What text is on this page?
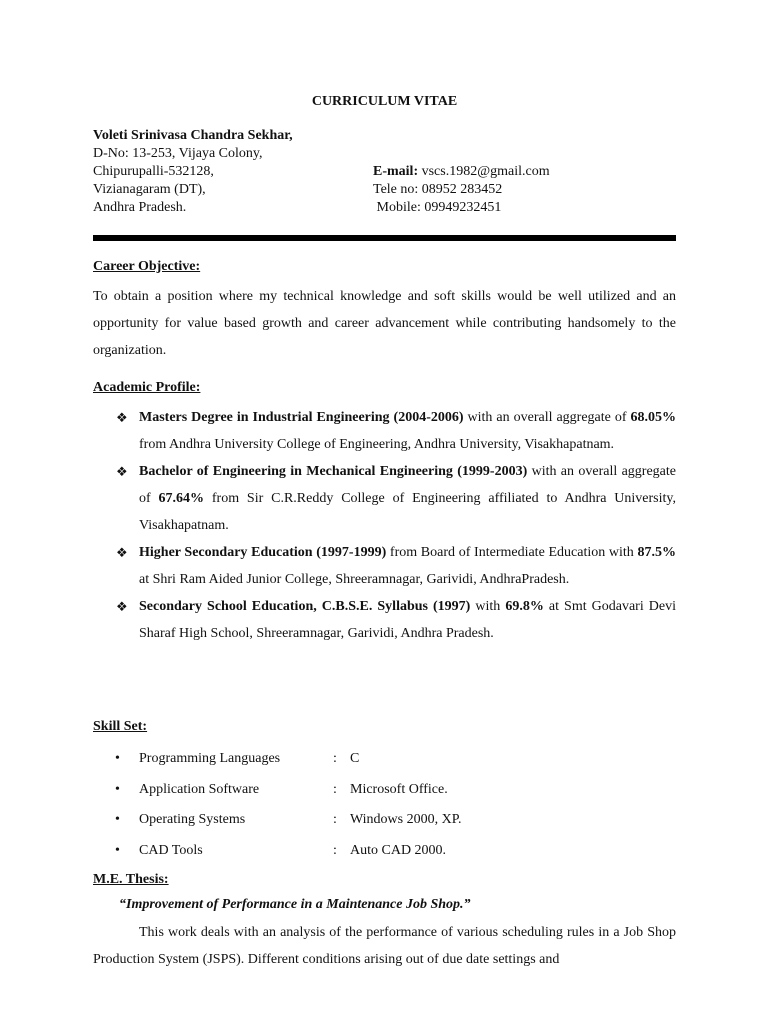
CURRICULUM VITAE
Voleti Srinivasa Chandra Sekhar,
D-No: 13-253, Vijaya Colony,
Chipurupalli-532128,
Vizianagaram (DT),
Andhra Pradesh.
E-mail: vscs.1982@gmail.com
Tele no: 08952 283452
Mobile: 09949232451
Career Objective:
To obtain a position where my technical knowledge and soft skills would be well utilized and an opportunity for value based growth and career advancement while contributing handsomely to the organization.
Academic Profile:
❖ Masters Degree in Industrial Engineering (2004-2006) with an overall aggregate of 68.05% from Andhra University College of Engineering, Andhra University, Visakhapatnam.
❖ Bachelor of Engineering in Mechanical Engineering (1999-2003) with an overall aggregate of 67.64% from Sir C.R.Reddy College of Engineering affiliated to Andhra University, Visakhapatnam.
❖ Higher Secondary Education (1997-1999) from Board of Intermediate Education with 87.5% at Shri Ram Aided Junior College, Shreeramnagar, Garividi, AndhraPradesh.
❖ Secondary School Education, C.B.S.E. Syllabus (1997) with 69.8% at Smt Godavari Devi Sharaf High School, Shreeramnagar, Garividi, Andhra Pradesh.
Skill Set:
• Programming Languages	: C
• Application Software	: Microsoft Office.
• Operating Systems	: Windows 2000, XP.
• CAD Tools	: Auto CAD 2000.
M.E. Thesis:
“Improvement of Performance in a Maintenance Job Shop.”
This work deals with an analysis of the performance of various scheduling rules in a Job Shop Production System (JSPS). Different conditions arising out of due date settings and
